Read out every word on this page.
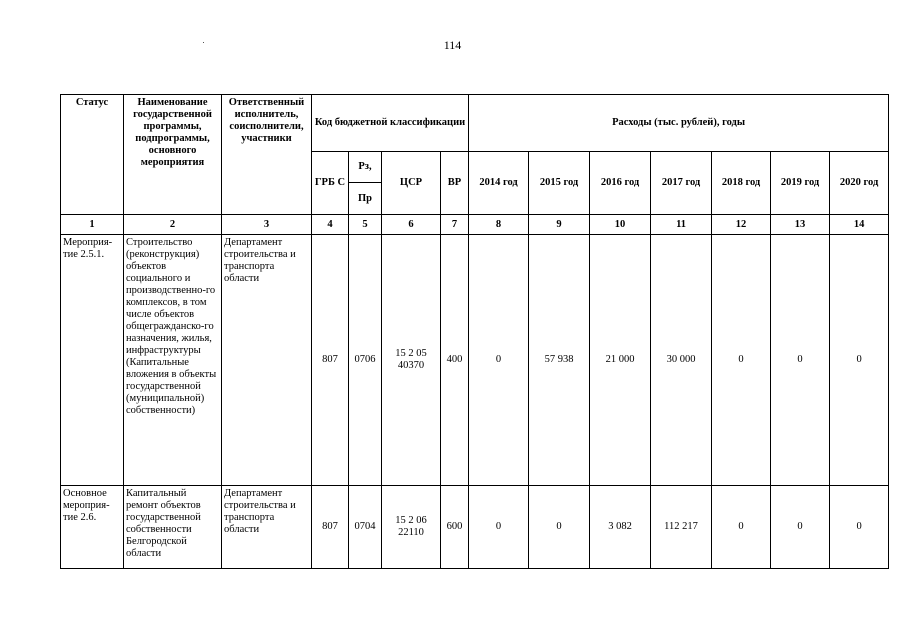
114
Статус	Наименование государственной программы, подпрограммы, основного мероприятия	Ответственный исполнитель, соисполнители, участники	Код бюджетной классификации				Расходы (тыс. рублей), годы						
			ГРБ С	Рз,	ЦСР	ВР	2014 год	2015 год	2016 год	2017 год	2018 год	2019 год	2020 год
				Пр									
1	2	3	4	5	6	7	8	9	10	11	12	13	14
Мероприя-тие 2.5.1.	Строительство (реконструкция) объектов социального и производственно-го комплексов, в том числе объектов общегражданско-го назначения, жилья, инфраструктуры (Капитальные вложения в объекты государственной (муниципальной) собственности)	Департамент строительства и транспорта области	807	0706	15 2 05 40370	400	0	57 938	21 000	30 000	0	0	0
Основное мероприя-тие 2.6.	Капитальный ремонт объектов государственной собственности Белгородской области	Департамент строительства и транспорта области	807	0704	15 2 06 22110	600	0	0	3 082	112 217	0	0	0
